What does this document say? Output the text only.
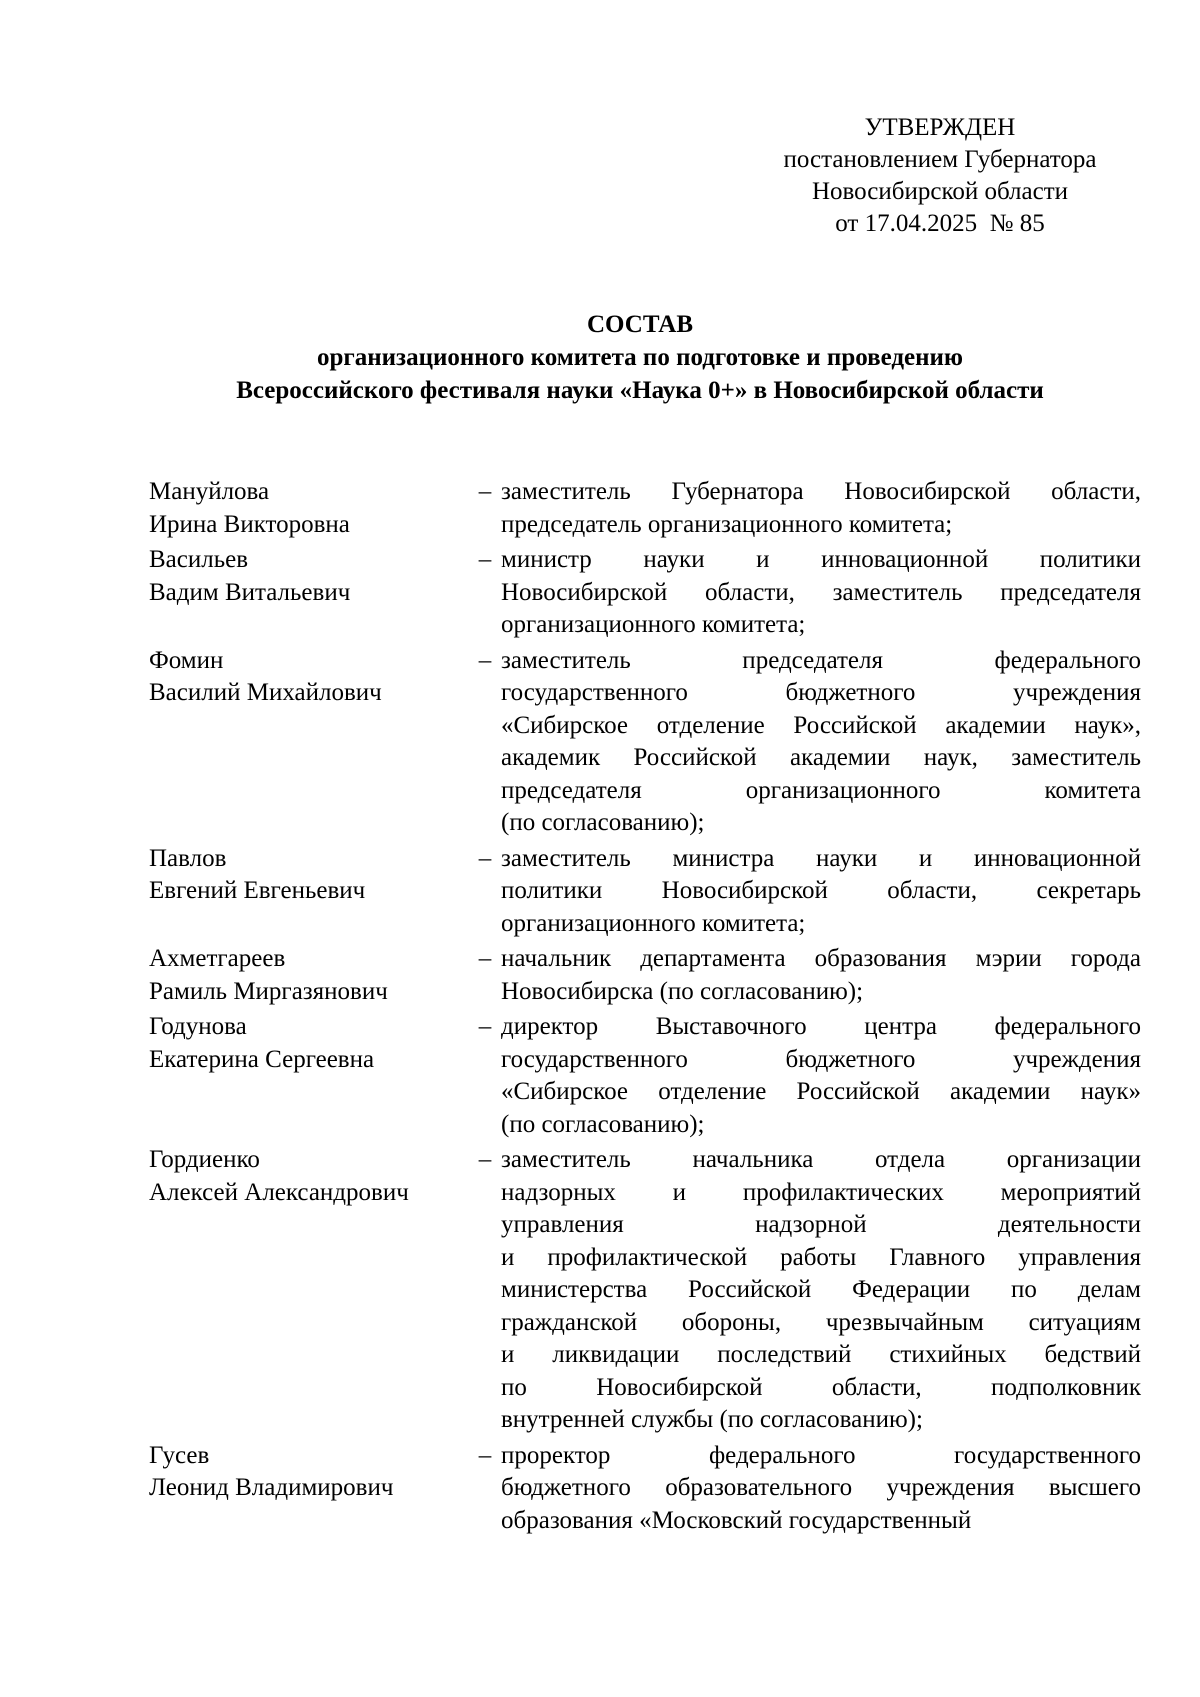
УТВЕРЖДЕН
постановлением Губернатора
Новосибирской области
от 17.04.2025  № 85
СОСТАВ
организационного комитета по подготовке и проведению
Всероссийского фестиваля науки «Наука 0+» в Новосибирской области
Мануйлова
Ирина Викторовна
– заместитель Губернатора Новосибирской области,
председатель организационного комитета;
Васильев
Вадим Витальевич
– министр науки и инновационной политики
Новосибирской области, заместитель председателя
организационного комитета;
Фомин
Василий Михайлович
– заместитель председателя федерального
государственного бюджетного учреждения
«Сибирское отделение Российской академии наук»,
академик Российской академии наук, заместитель
председателя организационного комитета
(по согласованию);
Павлов
Евгений Евгеньевич
– заместитель министра науки и инновационной
политики Новосибирской области, секретарь
организационного комитета;
Ахметгареев
Рамиль Миргазянович
– начальник департамента образования мэрии города
Новосибирска (по согласованию);
Годунова
Екатерина Сергеевна
– директор Выставочного центра федерального
государственного бюджетного учреждения
«Сибирское отделение Российской академии наук»
(по согласованию);
Гордиенко
Алексей Александрович
– заместитель начальника отдела организации
надзорных и профилактических мероприятий
управления надзорной деятельности
и профилактической работы Главного управления
министерства Российской Федерации по делам
гражданской обороны, чрезвычайным ситуациям
и ликвидации последствий стихийных бедствий
по Новосибирской области, подполковник
внутренней службы (по согласованию);
Гусев
Леонид Владимирович
– проректор федерального государственного
бюджетного образовательного учреждения высшего
образования «Московский государственный
